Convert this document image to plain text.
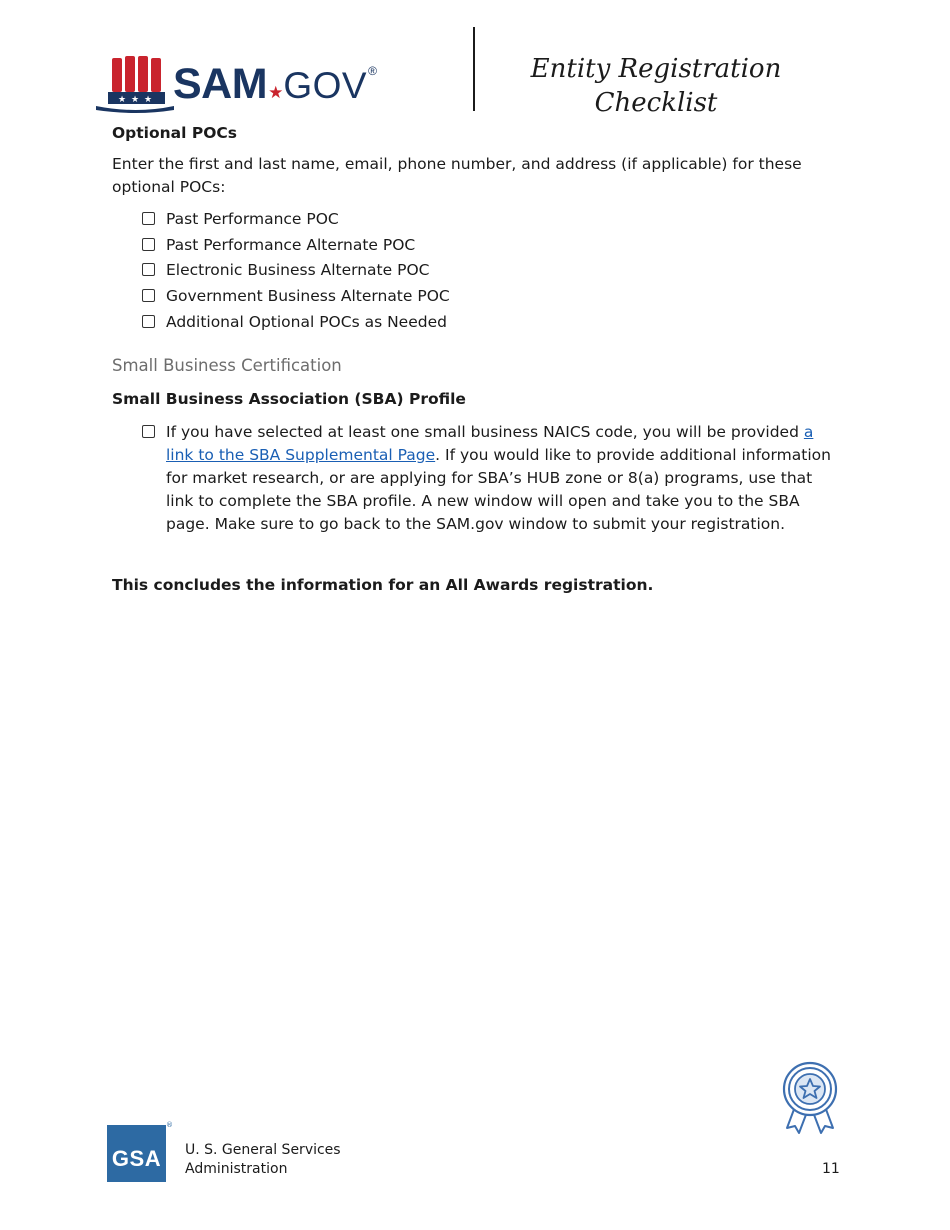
★ ★ ★ SAM★GOV®	Entity Registration
Checklist
Optional POCs
Enter the first and last name, email, phone number, and address (if applicable) for these optional POCs:
Past Performance POC
Past Performance Alternate POC
Electronic Business Alternate POC
Government Business Alternate POC
Additional Optional POCs as Needed
Small Business Certification
Small Business Association (SBA) Profile
If you have selected at least one small business NAICS code, you will be provided a link to the SBA Supplemental Page. If you would like to provide additional information for market research, or are applying for SBA’s HUB zone or 8(a) programs, use that link to complete the SBA profile. A new window will open and take you to the SBA page. Make sure to go back to the SAM.gov window to submit your registration.
This concludes the information for an All Awards registration.
GSA
®
U. S. General Services
Administration	11
